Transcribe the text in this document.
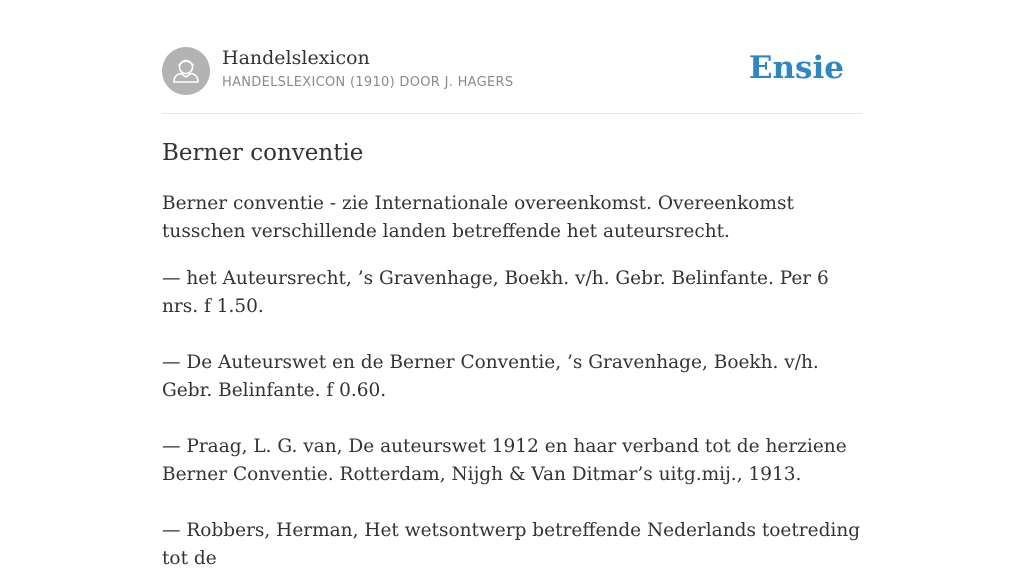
Handelslexicon
HANDELSLEXICON (1910) DOOR J. HAGERS	Ensie
Berner conventie

Berner conventie - zie Internationale overeenkomst. Overeenkomst tusschen verschillende landen betreffende het auteursrecht.

— het Auteursrecht, ’s Gravenhage, Boekh. v/h. Gebr. Belinfante. Per 6 nrs. f 1.50.

— De Auteurswet en de Berner Conventie, ’s Gravenhage, Boekh. v/h. Gebr. Belinfante. f 0.60.

— Praag, L. G. van, De auteurswet 1912 en haar verband tot de herziene Berner Conventie. Rotterdam, Nijgh & Van Ditmar’s uitg.mij., 1913.

— Robbers, Herman, Het wetsontwerp betreffende Nederlands toetreding tot de
